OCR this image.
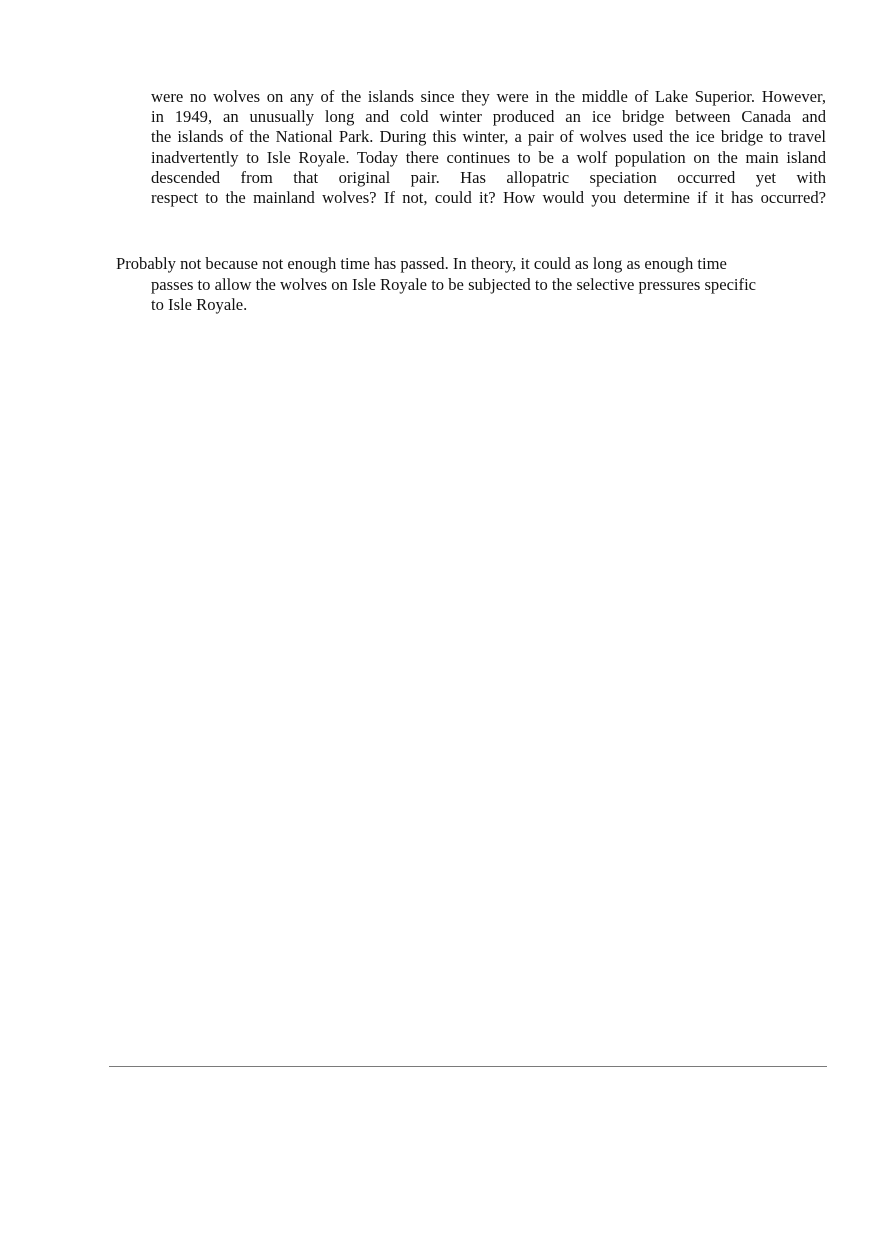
were no wolves on any of the islands since they were in the middle of Lake Superior. However,
in 1949, an unusually long and cold winter produced an ice bridge between Canada and
the islands of the National Park. During this winter, a pair of wolves used the ice bridge to travel
inadvertently to Isle Royale. Today there continues to be a wolf population on the main island
descended from that original pair. Has allopatric speciation occurred yet with
respect to the mainland wolves? If not, could it? How would you determine if it has occurred?
Probably not because not enough time has passed. In theory, it could as long as enough time
passes to allow the wolves on Isle Royale to be subjected to the selective pressures specific
to Isle Royale.
